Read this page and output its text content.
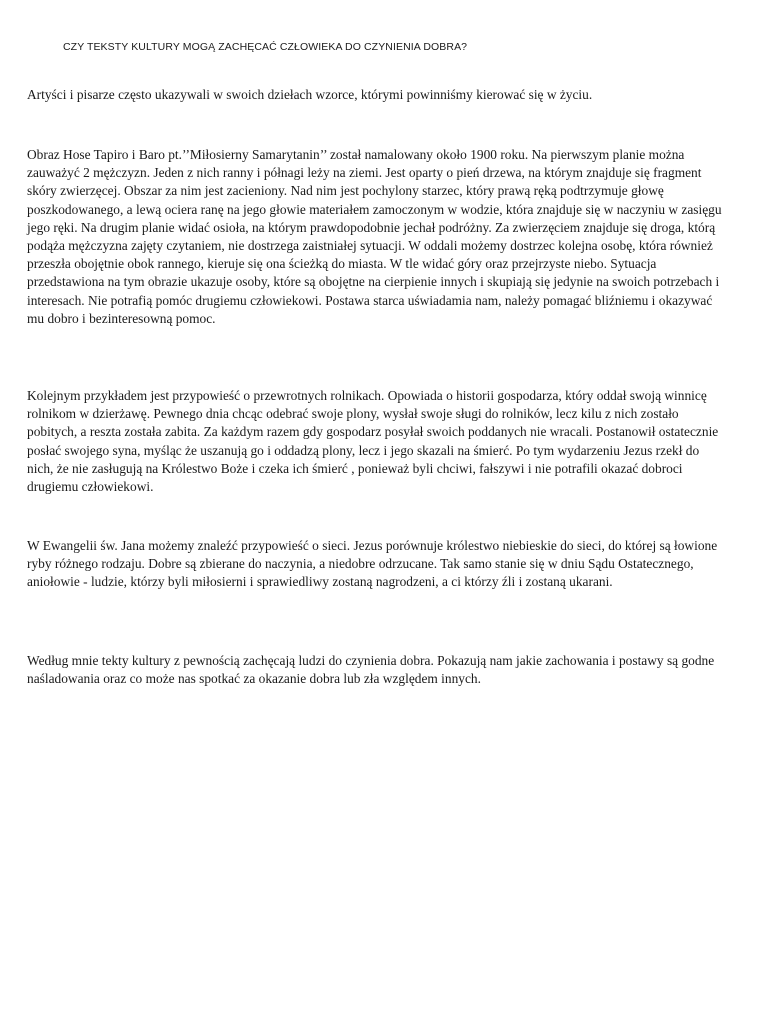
CZY TEKSTY KULTURY MOGĄ ZACHĘCAĆ CZŁOWIEKA DO CZYNIENIA DOBRA?

Artyści i pisarze często ukazywali w swoich dziełach wzorce, którymi powinniśmy kierować się w życiu.

Obraz Hose Tapiro i Baro pt.’’Miłosierny Samarytanin’’ został namalowany około 1900 roku. Na pierwszym planie można zauważyć 2 mężczyzn. Jeden z nich ranny i półnagi leży na ziemi. Jest oparty o pień drzewa, na którym znajduje się fragment skóry zwierzęcej. Obszar za nim jest zacieniony. Nad nim jest pochylony starzec, który prawą ręką podtrzymuje głowę poszkodowanego, a lewą ociera ranę na jego głowie materiałem zamoczonym w wodzie, która znajduje się w naczyniu w zasięgu jego ręki. Na drugim planie widać osiołа, na którym prawdopodobnie jechał podróżny. Za zwierzęciem znajduje się droga, którą podąża mężczyzna zajęty czytaniem, nie dostrzega zaistniałej sytuacji. W oddali możemy dostrzec kolejna osobę, która również przeszła obojętnie obok rannego, kieruje się ona ścieżką do miasta. W tle widać góry oraz przejrzyste niebo. Sytuacja przedstawiona na tym obrazie ukazuje osoby, które są obojętne na cierpienie innych i skupiają się jedynie na swoich potrzebach i interesach. Nie potrafią pomóc drugiemu człowiekowi. Postawa starca uświadamia nam, należy pomagać bliźniemu i okazywać mu dobro i bezinteresowną pomoc.

Kolejnym przykładem jest przypowieść o przewrotnych rolnikach. Opowiada o historii gospodarza, który oddał swoją winnicę rolnikom w dzierżawę. Pewnego dnia chcąc odebrać swoje plony, wysłał swoje sługi do rolników, lecz kilu z nich zostało pobitych, a reszta została zabita. Za każdym razem gdy gospodarz posyłał swoich poddanych nie wracali. Postanowił ostatecznie posłać swojego syna, myśląc że uszanują go i oddadzą plony, lecz i jego skazali na śmierć. Po tym wydarzeniu Jezus rzekł do nich, że nie zasługują na Królestwo Boże i czeka ich śmierć , ponieważ byli chciwi, fałszywi i nie potrafili okazać dobroci drugiemu człowiekowi.

W Ewangelii św. Jana możemy znaleźć przypowieść o sieci. Jezus porównuje królestwo niebieskie do sieci, do której są łowione ryby różnego rodzaju. Dobre są zbierane do naczynia, a niedobre odrzucane. Tak samo stanie się w dniu Sądu Ostatecznego, aniołowie - ludzie, którzy byli miłosierni i sprawiedliwy zostaną nagrodzeni, a ci którzy źli i zostaną ukarani.

Według mnie tekty kultury z pewnością zachęcają ludzi do czynienia dobra. Pokazują nam jakie zachowania i postawy są godne naśladowania oraz co może nas spotkać za okazanie dobra lub zła względem innych.
